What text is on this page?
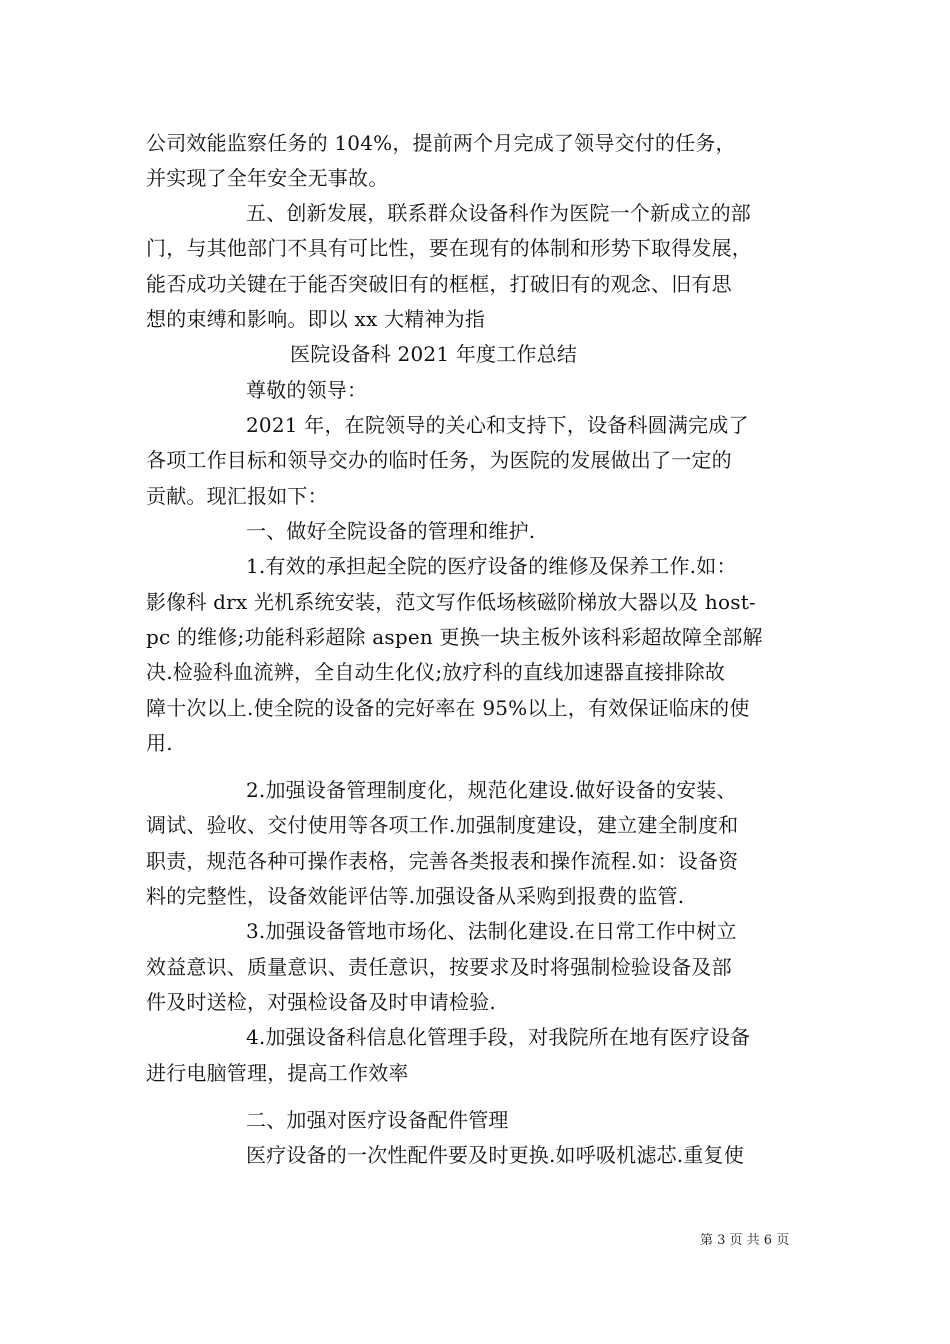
公司效能监察任务的 104%，提前两个月完成了领导交付的任务，
并实现了全年安全无事故。
五、创新发展，联系群众设备科作为医院一个新成立的部
门，与其他部门不具有可比性，要在现有的体制和形势下取得发展，
能否成功关键在于能否突破旧有的框框，打破旧有的观念、旧有思
想的束缚和影响。即以 xx 大精神为指
医院设备科 2021 年度工作总结
尊敬的领导：
2021 年，在院领导的关心和支持下，设备科圆满完成了
各项工作目标和领导交办的临时任务，为医院的发展做出了一定的
贡献。现汇报如下：
一、做好全院设备的管理和维护.
1.有效的承担起全院的医疗设备的维修及保养工作.如：
影像科 drx 光机系统安装，范文写作低场核磁阶梯放大器以及 host-
pc 的维修;功能科彩超除 aspen 更换一块主板外该科彩超故障全部解
决.检验科血流辨，全自动生化仪;放疗科的直线加速器直接排除故
障十次以上.使全院的设备的完好率在 95%以上，有效保证临床的使
用.
2.加强设备管理制度化，规范化建设.做好设备的安装、
调试、验收、交付使用等各项工作.加强制度建设，建立建全制度和
职责，规范各种可操作表格，完善各类报表和操作流程.如：设备资
料的完整性，设备效能评估等.加强设备从采购到报费的监管.
3.加强设备管地市场化、法制化建设.在日常工作中树立
效益意识、质量意识、责任意识，按要求及时将强制检验设备及部
件及时送检，对强检设备及时申请检验.
4.加强设备科信息化管理手段，对我院所在地有医疗设备
进行电脑管理，提高工作效率
二、加强对医疗设备配件管理
医疗设备的一次性配件要及时更换.如呼吸机滤芯.重复使
第 3 页 共 6 页
